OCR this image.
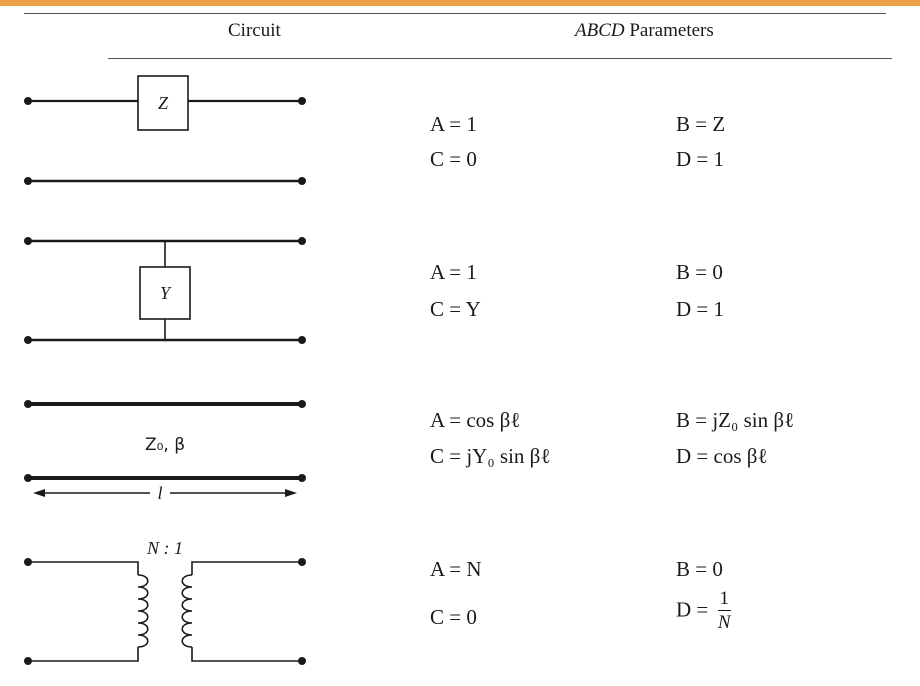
Circuit	ABCD Parameters
Z
Y
Z₀, β
l
N : 1
A = 1	B = Z
C = 0	D = 1
A = 1	B = 0
C = Y	D = 1
A = cos βℓ	B = jZ₀ sin βℓ
C = jY₀ sin βℓ	D = cos βℓ
A = N	B = 0
C = 0	$D = \frac{1}{N}$
